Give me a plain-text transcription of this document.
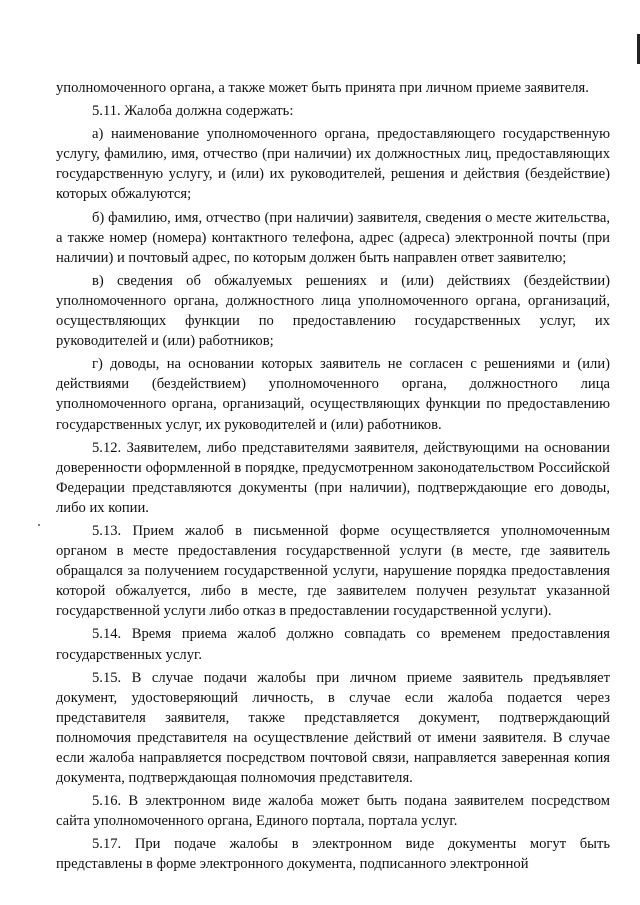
уполномоченного органа, а также может быть принята при личном приеме заявителя.

5.11. Жалоба должна содержать:

а) наименование уполномоченного органа, предоставляющего государственную услугу, фамилию, имя, отчество (при наличии) их должностных лиц, предоставляющих государственную услугу, и (или) их руководителей, решения и действия (бездействие) которых обжалуются;

б) фамилию, имя, отчество (при наличии) заявителя, сведения о месте жительства, а также номер (номера) контактного телефона, адрес (адреса) электронной почты (при наличии) и почтовый адрес, по которым должен быть направлен ответ заявителю;

в) сведения об обжалуемых решениях и (или) действиях (бездействии) уполномоченного органа, должностного лица уполномоченного органа, организаций, осуществляющих функции по предоставлению государственных услуг, их руководителей и (или) работников;

г) доводы, на основании которых заявитель не согласен с решениями и (или) действиями (бездействием) уполномоченного органа, должностного лица уполномоченного органа, организаций, осуществляющих функции по предоставлению государственных услуг, их руководителей и (или) работников.

5.12. Заявителем, либо представителями заявителя, действующими на основании доверенности оформленной в порядке, предусмотренном законодательством Российской Федерации представляются документы (при наличии), подтверждающие его доводы, либо их копии.

5.13. Прием жалоб в письменной форме осуществляется уполномоченным органом в месте предоставления государственной услуги (в месте, где заявитель обращался за получением государственной услуги, нарушение порядка предоставления которой обжалуется, либо в месте, где заявителем получен результат указанной государственной услуги либо отказ в предоставлении государственной услуги).

5.14. Время приема жалоб должно совпадать со временем предоставления государственных услуг.

5.15. В случае подачи жалобы при личном приеме заявитель предъявляет документ, удостоверяющий личность, в случае если жалоба подается через представителя заявителя, также представляется документ, подтверждающий полномочия представителя на осуществление действий от имени заявителя. В случае если жалоба направляется посредством почтовой связи, направляется заверенная копия документа, подтверждающая полномочия представителя.

5.16. В электронном виде жалоба может быть подана заявителем посредством сайта уполномоченного органа, Единого портала, портала услуг.

5.17. При подаче жалобы в электронном виде документы могут быть представлены в форме электронного документа, подписанного электронной
